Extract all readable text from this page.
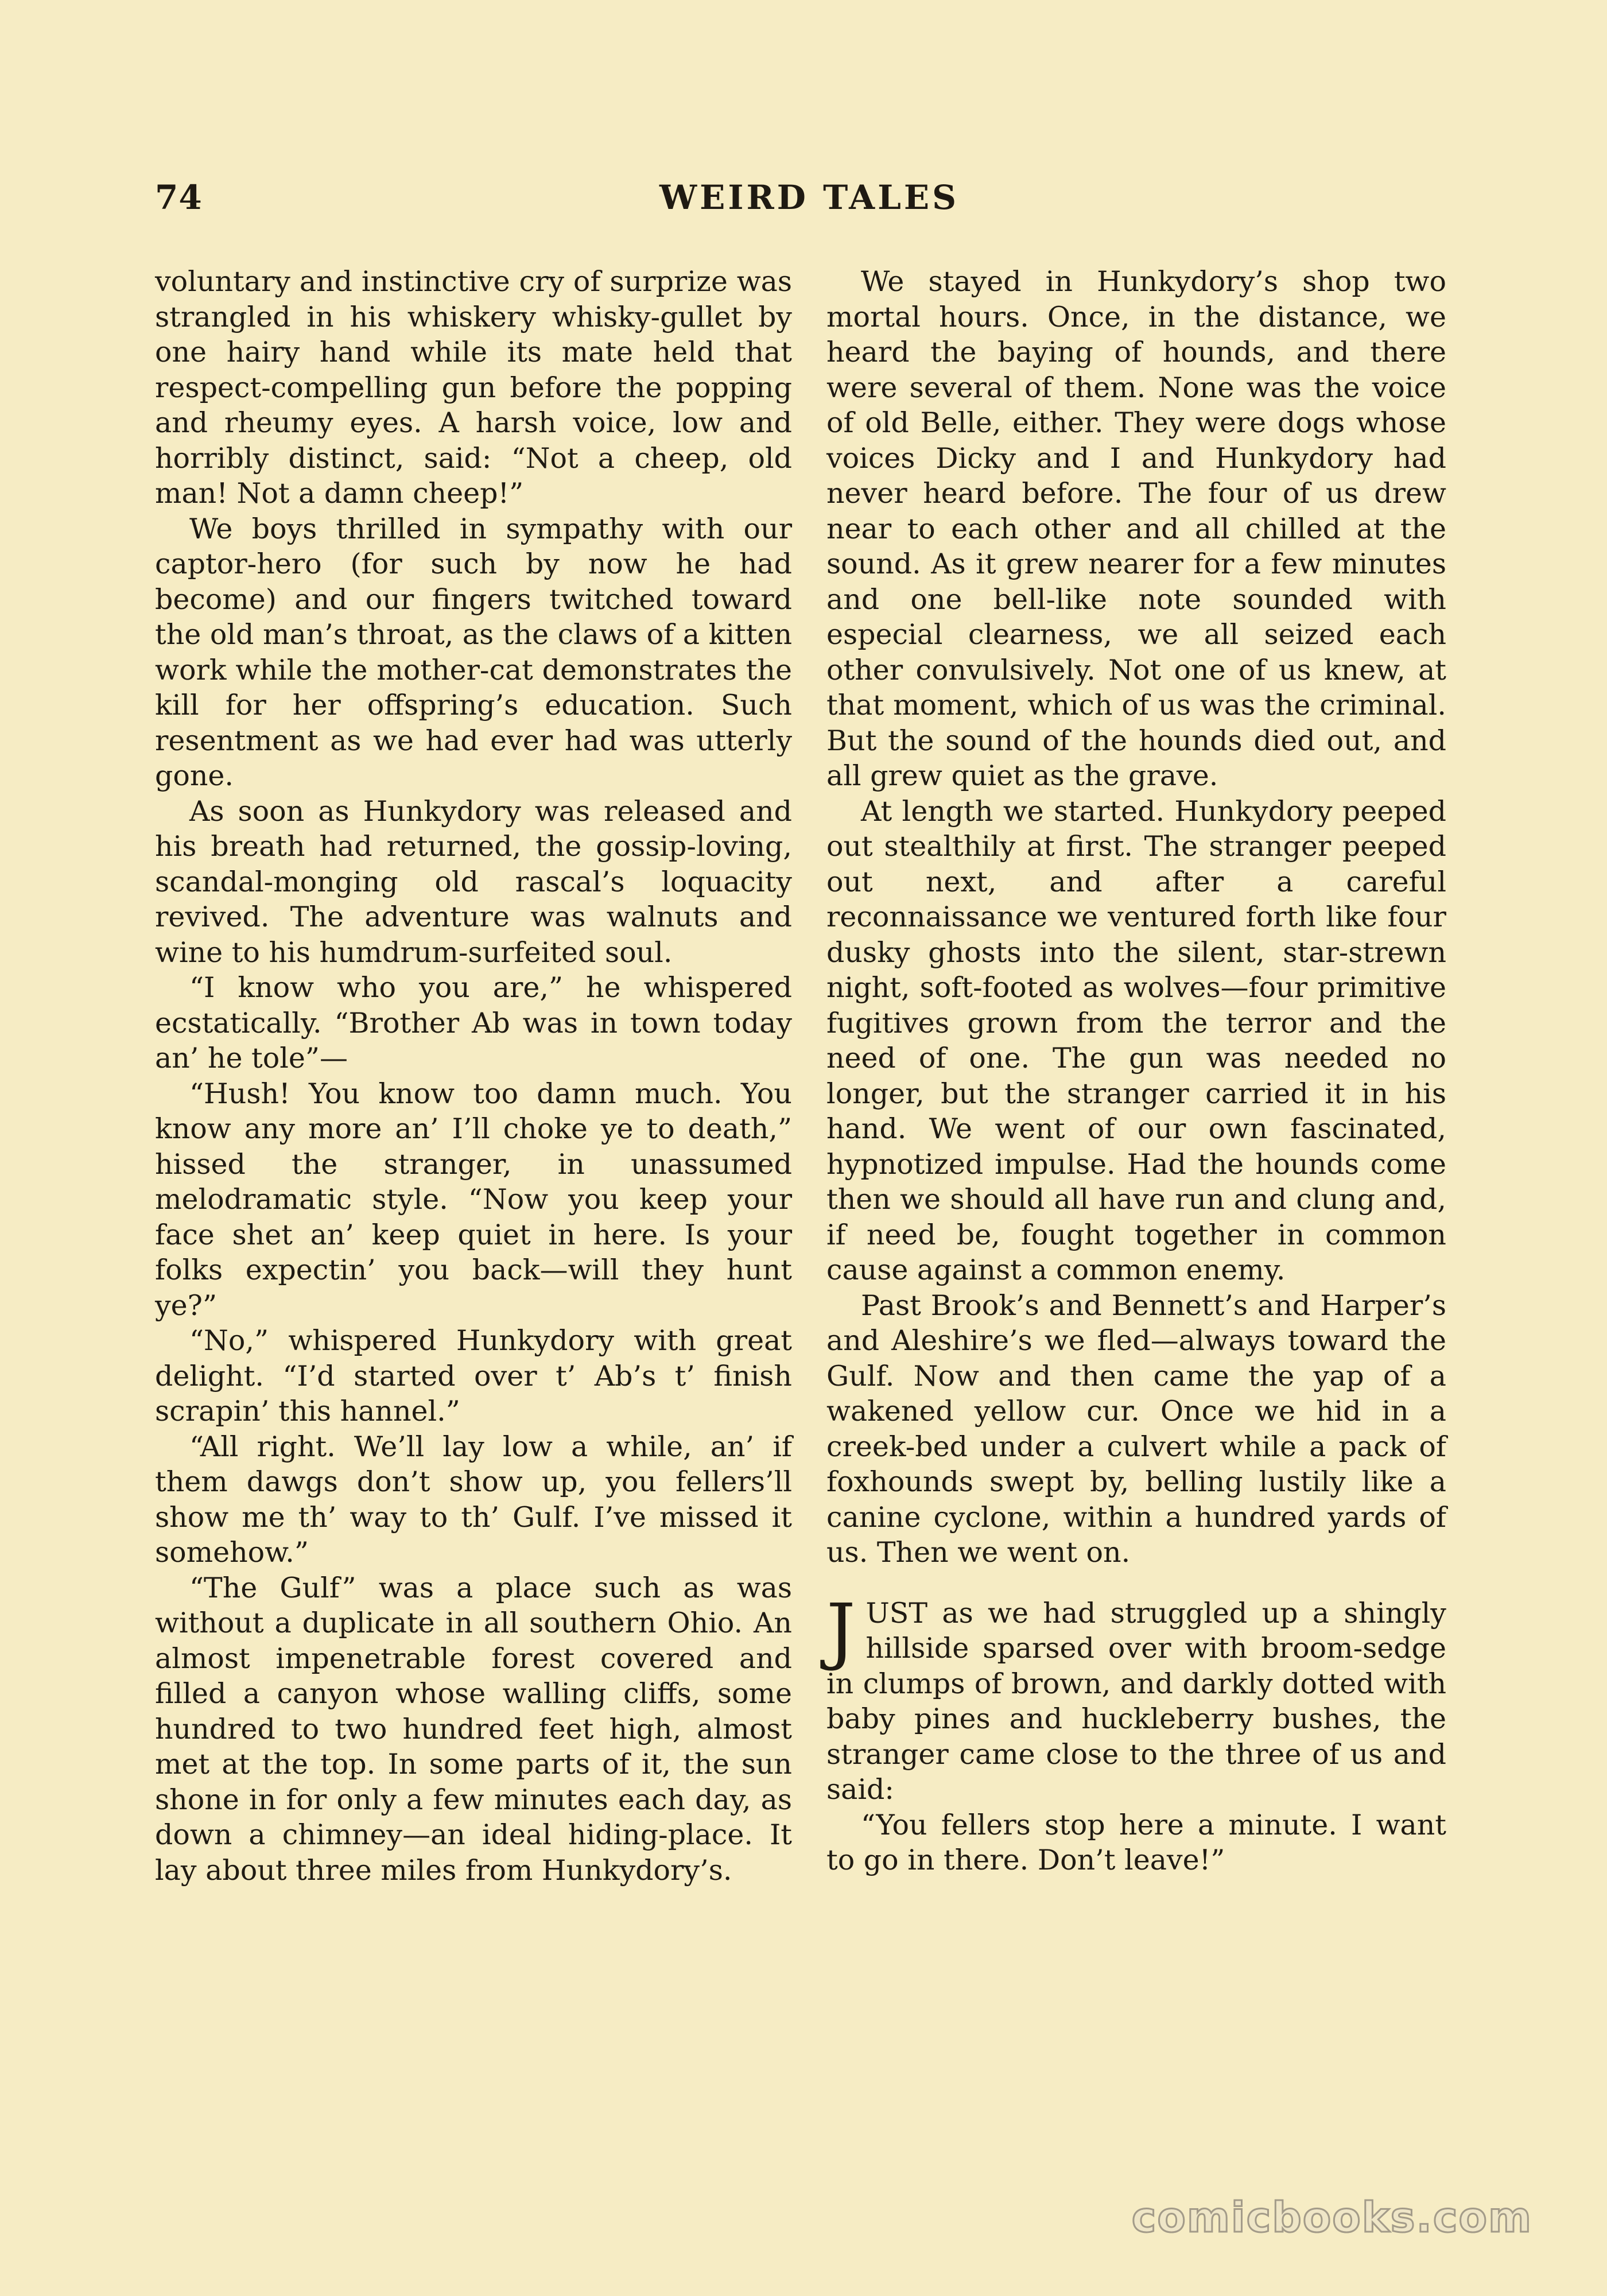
74	WEIRD TALES

voluntary and instinctive cry of surprize was strangled in his whiskery whisky-gullet by one hairy hand while its mate held that respect-compelling gun before the popping and rheumy eyes. A harsh voice, low and horribly distinct, said: “Not a cheep, old man! Not a damn cheep!”

We boys thrilled in sympathy with our captor-hero (for such by now he had become) and our fingers twitched toward the old man’s throat, as the claws of a kitten work while the mother-cat demonstrates the kill for her offspring’s education. Such resentment as we had ever had was utterly gone.

As soon as Hunkydory was released and his breath had returned, the gossip-loving, scandal-monging old rascal’s loquacity revived. The adventure was walnuts and wine to his humdrum-surfeited soul.

“I know who you are,” he whispered ecstatically. “Brother Ab was in town today an’ he tole”—

“Hush! You know too damn much. You know any more an’ I’ll choke ye to death,” hissed the stranger, in unassumed melodramatic style. “Now you keep your face shet an’ keep quiet in here. Is your folks expectin’ you back—will they hunt ye?”

“No,” whispered Hunkydory with great delight. “I’d started over t’ Ab’s t’ finish scrapin’ this hannel.”

“All right. We’ll lay low a while, an’ if them dawgs don’t show up, you fellers’ll show me th’ way to th’ Gulf. I’ve missed it somehow.”

“The Gulf” was a place such as was without a duplicate in all southern Ohio. An almost impenetrable forest covered and filled a canyon whose walling cliffs, some hundred to two hundred feet high, almost met at the top. In some parts of it, the sun shone in for only a few minutes each day, as down a chimney—an ideal hiding-place. It lay about three miles from Hunkydory’s.

We stayed in Hunkydory’s shop two mortal hours. Once, in the distance, we heard the baying of hounds, and there were several of them. None was the voice of old Belle, either. They were dogs whose voices Dicky and I and Hunkydory had never heard before. The four of us drew near to each other and all chilled at the sound. As it grew nearer for a few minutes and one bell-like note sounded with especial clearness, we all seized each other convulsively. Not one of us knew, at that moment, which of us was the criminal. But the sound of the hounds died out, and all grew quiet as the grave.

At length we started. Hunkydory peeped out stealthily at first. The stranger peeped out next, and after a careful reconnaissance we ventured forth like four dusky ghosts into the silent, star-strewn night, soft-footed as wolves—four primitive fugitives grown from the terror and the need of one. The gun was needed no longer, but the stranger carried it in his hand. We went of our own fascinated, hypnotized impulse. Had the hounds come then we should all have run and clung and, if need be, fought together in common cause against a common enemy.

Past Brook’s and Bennett’s and Harper’s and Aleshire’s we fled—always toward the Gulf. Now and then came the yap of a wakened yellow cur. Once we hid in a creek-bed under a culvert while a pack of foxhounds swept by, belling lustily like a canine cyclone, within a hundred yards of us. Then we went on.

JUST as we had struggled up a shingly hillside sparsed over with broom-sedge in clumps of brown, and darkly dotted with baby pines and huckleberry bushes, the stranger came close to the three of us and said:

“You fellers stop here a minute. I want to go in there. Don’t leave!”

comicbooks.com
